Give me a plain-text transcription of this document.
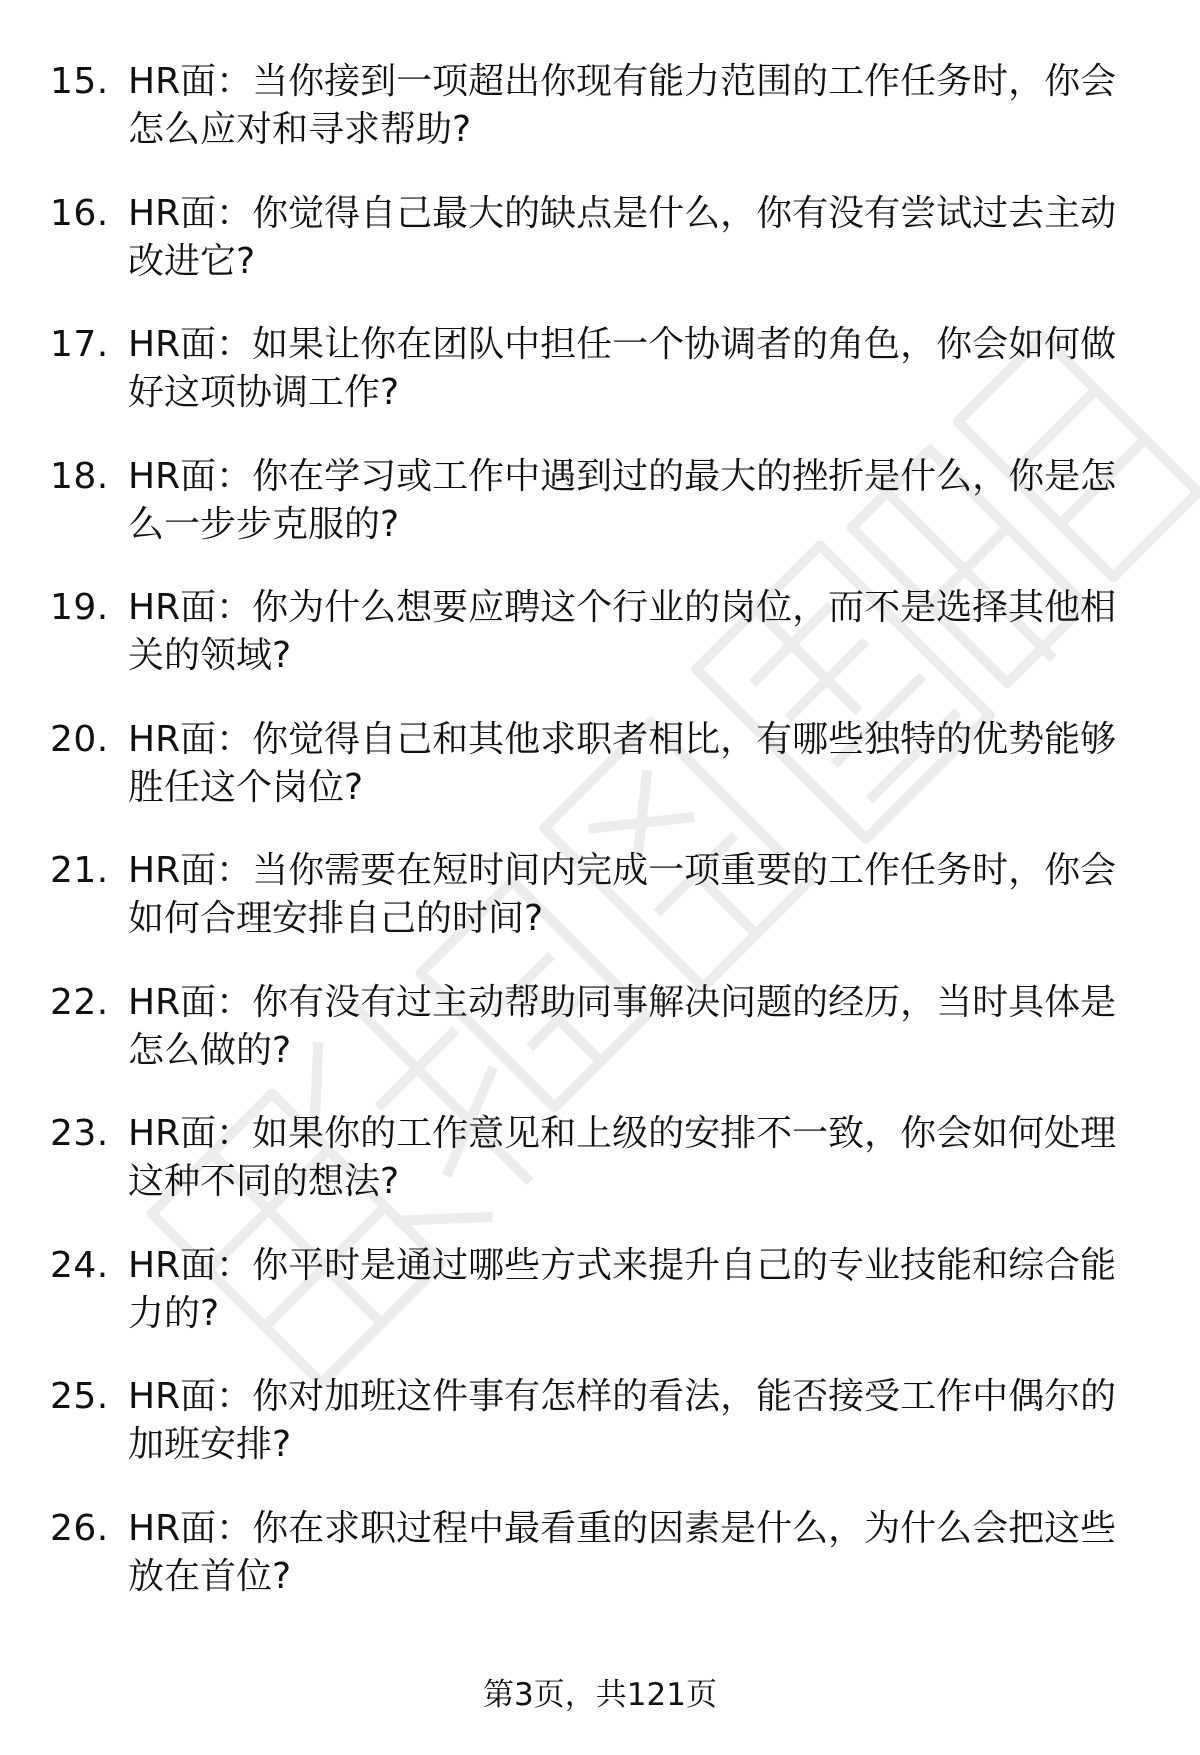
15. HR面：当你接到一项超出你现有能力范围的工作任务时，你会怎么应对和寻求帮助?
16. HR面：你觉得自己最大的缺点是什么，你有没有尝试过去主动改进它?
17. HR面：如果让你在团队中担任一个协调者的角色，你会如何做好这项协调工作?
18. HR面：你在学习或工作中遇到过的最大的挫折是什么，你是怎么一步步克服的?
19. HR面：你为什么想要应聘这个行业的岗位，而不是选择其他相关的领域?
20. HR面：你觉得自己和其他求职者相比，有哪些独特的优势能够胜任这个岗位?
21. HR面：当你需要在短时间内完成一项重要的工作任务时，你会如何合理安排自己的时间?
22. HR面：你有没有过主动帮助同事解决问题的经历，当时具体是怎么做的?
23. HR面：如果你的工作意见和上级的安排不一致，你会如何处理这种不同的想法?
24. HR面：你平时是通过哪些方式来提升自己的专业技能和综合能力的?
25. HR面：你对加班这件事有怎样的看法，能否接受工作中偶尔的加班安排?
26. HR面：你在求职过程中最看重的因素是什么，为什么会把这些放在首位?
第3页，共121页
